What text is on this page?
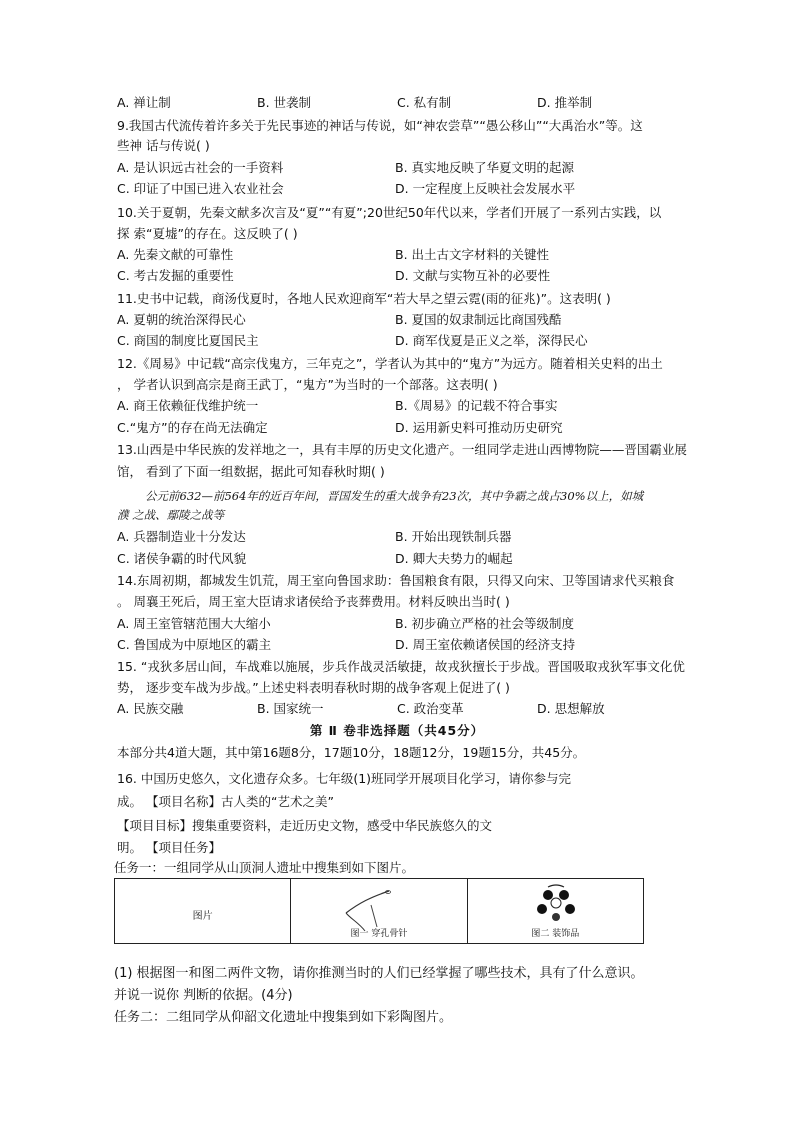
A. 禅让制	B. 世袭制	C. 私有制	D. 推举制
9.我国古代流传着许多关于先民事迹的神话与传说，如“神农尝草”“愚公移山”“大禹治水”等。这
些神 话与传说( )
A. 是认识远古社会的一手资料	B. 真实地反映了华夏文明的起源
C. 印证了中国已进入农业社会	D. 一定程度上反映社会发展水平
10.关于夏朝，先秦文献多次言及“夏”“有夏”;20世纪50年代以来，学者们开展了一系列古实践，以
探 索“夏墟”的存在。这反映了( )
A. 先秦文献的可靠性	B. 出土古文字材料的关键性
C. 考古发掘的重要性	D. 文献与实物互补的必要性
11.史书中记载，商汤伐夏时，各地人民欢迎商军“若大旱之望云霓(雨的征兆)”。这表明( )
A. 夏朝的统治深得民心	B. 夏国的奴隶制远比商国残酷
C. 商国的制度比夏国民主	D. 商军伐夏是正义之举，深得民心
12.《周易》中记载“高宗伐鬼方，三年克之”，学者认为其中的“鬼方”为远方。随着相关史料的出土
， 学者认识到高宗是商王武丁，“鬼方”为当时的一个部落。这表明( )
A. 商王依赖征伐维护统一	B.《周易》的记载不符合事实
C.“鬼方”的存在尚无法确定	D. 运用新史料可推动历史研究
13.山西是中华民族的发祥地之一，具有丰厚的历史文化遗产。一组同学走进山西博物院——晋国霸业展
馆， 看到了下面一组数据，据此可知春秋时期( )
公元前632—前564年的近百年间，晋国发生的重大战争有23次，其中争霸之战占30%以上，如城
濮 之战、鄢陵之战等
A. 兵器制造业十分发达	B. 开始出现铁制兵器
C. 诸侯争霸的时代风貌	D. 卿大夫势力的崛起
14.东周初期，都城发生饥荒，周王室向鲁国求助：鲁国粮食有限，只得又向宋、卫等国请求代买粮食
。 周襄王死后，周王室大臣请求诸侯给予丧葬费用。材料反映出当时( )
A. 周王室管辖范围大大缩小	B. 初步确立严格的社会等级制度
C. 鲁国成为中原地区的霸主	D. 周王室依赖诸侯国的经济支持
15. “戎狄多居山间，车战难以施展，步兵作战灵活敏捷，故戎狄擅长于步战。晋国吸取戎狄军事文化优
势， 逐步变车战为步战。”上述史料表明春秋时期的战争客观上促进了( )
A. 民族交融	B. 国家统一	C. 政治变革	D. 思想解放
第 Ⅱ 卷非选择题（共45分）
本部分共4道大题，其中第16题8分，17题10分，18题12分，19题15分，共45分。
16. 中国历史悠久，文化遗存众多。七年级(1)班同学开展项目化学习，请你参与完
成。 【项目名称】古人类的“艺术之美”
【项目目标】搜集重要资料，走近历史文物，感受中华民族悠久的文
明。 【项目任务】
任务一：一组同学从山顶洞人遗址中搜集到如下图片。
图片
图一 穿孔骨针	图二 装饰品
(1) 根据图一和图二两件文物，请你推测当时的人们已经掌握了哪些技术，具有了什么意识。
并说一说你 判断的依据。(4分)
任务二：二组同学从仰韶文化遗址中搜集到如下彩陶图片。
